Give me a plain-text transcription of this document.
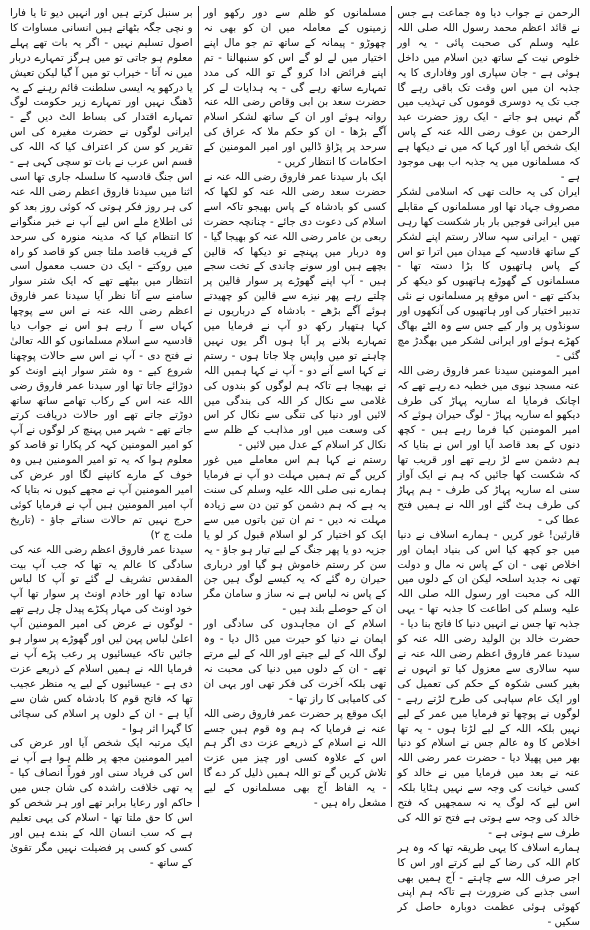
الرحمن نے جواب دیا وہ جماعت ہے جس نے قائد اعظم محمد رسول اللہ صلی اللہ علیہ وسلم کی صحبت پائی - یہ اور خلوص نیت کے ساتھ دین اسلام میں داخل ہوئی ہے - جان سپاری اور وفاداری کا یہ جذبہ ان میں اس وقت تک باقی رہے گا جب تک یہ دوسری قوموں کی تہذیب میں گم نہیں ہو جاتے - ایک روز حضرت عبد الرحمن بن عوف رضی اللہ عنہ کے پاس ایک شخص آیا اور کہا کہ میں نے دیکھا ہے کہ مسلمانوں میں یہ جذبہ اب بھی موجود ہے -

ایران کی یہ حالت تھی کہ اسلامی لشکر مصروف جہاد تھا اور مسلمانوں کے مقابلے میں ایرانی فوجیں بار بار شکست کھا رہی تھیں - ایرانی سپہ سالار رستم اپنے لشکر کے ساتھ قادسیہ کے میدان میں اترا تو اس کے پاس ہاتھیوں کا بڑا دستہ تھا - مسلمانوں کے گھوڑے ہاتھیوں کو دیکھ کر بدکتے تھے - اس موقع پر مسلمانوں نے نئی تدبیر اختیار کی اور ہاتھیوں کی آنکھوں اور سونڈوں پر وار کیے جس سے وہ الٹے بھاگ کھڑے ہوئے اور ایرانی لشکر میں بھگدڑ مچ گئی -

امیر المومنین سیدنا عمر فاروق رضی اللہ عنہ مسجد نبوی میں خطبہ دے رہے تھے کہ اچانک فرمایا اے ساریہ پہاڑ کی طرف دیکھو اے ساریہ پہاڑ - لوگ حیران ہوئے کہ امیر المومنین کیا فرما رہے ہیں - کچھ دنوں کے بعد قاصد آیا اور اس نے بتایا کہ ہم دشمن سے لڑ رہے تھے اور قریب تھا کہ شکست کھا جائیں کہ ہم نے ایک آواز سنی اے ساریہ پہاڑ کی طرف - ہم پہاڑ کی طرف ہٹ گئے اور اللہ نے ہمیں فتح عطا کی -

قارئین! غور کریں - ہمارے اسلاف نے دنیا میں جو کچھ کیا اس کی بنیاد ایمان اور اخلاص تھی - ان کے پاس نہ مال و دولت تھی نہ جدید اسلحہ لیکن ان کے دلوں میں اللہ کی محبت اور رسول اللہ صلی اللہ علیہ وسلم کی اطاعت کا جذبہ تھا - یہی جذبہ تھا جس نے انہیں دنیا کا فاتح بنا دیا -

حضرت خالد بن الولید رضی اللہ عنہ کو سیدنا عمر فاروق اعظم رضی اللہ عنہ نے سپہ سالاری سے معزول کیا تو انہوں نے بغیر کسی شکوہ کے حکم کی تعمیل کی اور ایک عام سپاہی کی طرح لڑتے رہے - لوگوں نے پوچھا تو فرمایا میں عمر کے لیے نہیں بلکہ اللہ کے لیے لڑتا ہوں - یہ تھا اخلاص کا وہ عالم جس نے اسلام کو دنیا بھر میں پھیلا دیا - حضرت عمر رضی اللہ عنہ نے بعد میں فرمایا میں نے خالد کو کسی خیانت کی وجہ سے نہیں ہٹایا بلکہ اس لیے کہ لوگ یہ نہ سمجھیں کہ فتح خالد کی وجہ سے ہوتی ہے فتح تو اللہ کی طرف سے ہوتی ہے -

ہمارے اسلاف کا یہی طریقہ تھا کہ وہ ہر کام اللہ کی رضا کے لیے کرتے اور اس کا اجر صرف اللہ سے چاہتے - آج ہمیں بھی اسی جذبے کی ضرورت ہے تاکہ ہم اپنی کھوئی ہوئی عظمت دوبارہ حاصل کر سکیں -

مسلمانوں کو ظلم سے دور رکھو اور زمینوں کے معاملہ میں ان کو بھی نہ چھوڑو - پیمانہ کے ساتھ تم جو مال اپنے اختیار میں لے لو گے اس کو سنبھالنا - تم اپنے فرائض ادا کرو گے تو اللہ کی مدد تمہارے ساتھ رہے گی - یہ ہدایات لے کر حضرت سعد بن ابی وقاص رضی اللہ عنہ روانہ ہوئے اور ان کے ساتھ لشکر اسلام آگے بڑھا - ان کو حکم ملا کہ عراق کی سرحد پر پڑاؤ ڈالیں اور امیر المومنین کے احکامات کا انتظار کریں -

ایک بار سیدنا عمر فاروق رضی اللہ عنہ نے حضرت سعد رضی اللہ عنہ کو لکھا کہ کسی کو بادشاہ کے پاس بھیجو تاکہ اسے اسلام کی دعوت دی جائے - چنانچہ حضرت ربعی بن عامر رضی اللہ عنہ کو بھیجا گیا - وہ دربار میں پہنچے تو دیکھا کہ قالین بچھے ہیں اور سونے چاندی کے تخت سجے ہیں - آپ اپنے گھوڑے پر سوار قالین پر چلتے رہے پھر نیزے سے قالین کو چھیدتے ہوئے آگے بڑھے - بادشاہ کے درباریوں نے کہا ہتھیار رکھ دو آپ نے فرمایا میں تمہارے بلانے پر آیا ہوں اگر یوں نہیں چاہتے تو میں واپس چلا جاتا ہوں - رستم نے کہا اسے آنے دو - آپ نے کہا ہمیں اللہ نے بھیجا ہے تاکہ ہم لوگوں کو بندوں کی غلامی سے نکال کر اللہ کی بندگی میں لائیں اور دنیا کی تنگی سے نکال کر اس کی وسعت میں اور مذاہب کے ظلم سے نکال کر اسلام کے عدل میں لائیں -

رستم نے کہا ہم اس معاملے میں غور کریں گے تم ہمیں مہلت دو آپ نے فرمایا ہمارے نبی صلی اللہ علیہ وسلم کی سنت یہ ہے کہ ہم دشمن کو تین دن سے زیادہ مہلت نہ دیں - تم ان تین باتوں میں سے ایک کو اختیار کر لو اسلام قبول کر لو یا جزیہ دو یا پھر جنگ کے لیے تیار ہو جاؤ - یہ سن کر رستم خاموش ہو گیا اور درباری حیران رہ گئے کہ یہ کیسے لوگ ہیں جن کے پاس نہ لباس ہے نہ ساز و سامان مگر ان کے حوصلے بلند ہیں -

اسلام کے ان مجاہدوں کی سادگی اور ایمان نے دنیا کو حیرت میں ڈال دیا - وہ لوگ اللہ کے لیے جیتے اور اللہ کے لیے مرتے تھے - ان کے دلوں میں دنیا کی محبت نہ تھی بلکہ آخرت کی فکر تھی اور یہی ان کی کامیابی کا راز تھا -

ایک موقع پر حضرت عمر فاروق رضی اللہ عنہ نے فرمایا کہ ہم وہ قوم ہیں جسے اللہ نے اسلام کے ذریعے عزت دی اگر ہم اس کے علاوہ کسی اور چیز میں عزت تلاش کریں گے تو اللہ ہمیں ذلیل کر دے گا - یہ الفاظ آج بھی مسلمانوں کے لیے مشعل راہ ہیں -

بر سنبل کرتے ہیں اور انہیں دیو تا یا فارا و نچی جگہ بٹھاتے ہیں انسانی مساوات کا اصول تسلیم نہیں - اگر یہ بات تھے پہلے معلوم ہو جاتی تو میں ہرگز تمہارے دربار میں نہ آتا - خیراب تو میں آ گیا لیکن تعیش یا درکھو یہ ایسی سلطنت قائم رہنے کے یہ ڈھنگ نہیں اور تمہارے زیر حکومت لوگ تمہارے اقتدار کی بساط الٹ دیں گے - ایرانی لوگوں نے حضرت مغیرہ کی اس تقریر کو سن کر اعتراف کیا کہ اللہ کی قسم اس عرب نے بات تو سچی کہی ہے - اس جنگ قادسیہ کا سلسلہ جاری تھا اسی اثنا میں سیدنا فاروق اعظم رضی اللہ عنہ کی ہر روز فکر ہوتی کہ کوئی روز بعد کو ئی اطلاع ملے اس لیے آپ نے خبر منگوانے کا انتظام کیا کہ مدینہ منورہ کی سرحد کے قریب قاصد ملتا جس کو قاصد کو راہ میں روکتے - ایک دن حسب معمول اسی انتظار میں بیٹھے تھے کہ ایک شتر سوار سامنے سے آتا نظر آیا سیدنا عمر فاروق اعظم رضی اللہ عنہ نے اس سے پوچھا کہاں سے آ رہے ہو اس نے جواب دیا قادسیہ سے اسلام مسلمانوں کو اللہ تعالیٰ نے فتح دی - آپ نے اس سے حالات پوچھنا شروع کیے - وہ شتر سوار اپنے اونٹ کو دوڑائے جاتا تھا اور سیدنا عمر فاروق رضی اللہ عنہ اس کے رکاب تھامے ساتھ ساتھ دوڑتے جاتے تھے اور حالات دریافت کرتے جاتے تھے - شہر میں پہنچ کر لوگوں نے آپ کو امیر المومنین کہہ کر پکارا تو قاصد کو معلوم ہوا کہ یہ تو امیر المومنین ہیں وہ خوف کے مارے کانپنے لگا اور عرض کی امیر المومنین آپ نے مجھے کیوں نہ بتایا کہ آپ امیر المومنین ہیں آپ نے فرمایا کوئی حرج نہیں تم حالات سناتے جاؤ - (تاریخ ملت ج ۲)

سیدنا عمر فاروق اعظم رضی اللہ عنہ کی سادگی کا عالم یہ تھا کہ جب آپ بیت المقدس تشریف لے گئے تو آپ کا لباس سادہ تھا اور خادم اونٹ پر سوار تھا آپ خود اونٹ کی مہار پکڑے پیدل چل رہے تھے - لوگوں نے عرض کی امیر المومنین آپ اعلیٰ لباس پہن لیں اور گھوڑے پر سوار ہو جائیں تاکہ عیسائیوں پر رعب پڑے آپ نے فرمایا اللہ نے ہمیں اسلام کے ذریعے عزت دی ہے - عیسائیوں کے لیے یہ منظر عجیب تھا کہ فاتح قوم کا بادشاہ کس شان سے آیا ہے - ان کے دلوں پر اسلام کی سچائی کا گہرا اثر ہوا -

ایک مرتبہ ایک شخص آیا اور عرض کی امیر المومنین مجھ پر ظلم ہوا ہے آپ نے اس کی فریاد سنی اور فوراً انصاف کیا - یہ تھی خلافت راشدہ کی شان جس میں حاکم اور رعایا برابر تھے اور ہر شخص کو اس کا حق ملتا تھا - اسلام کی یہی تعلیم ہے کہ سب انسان اللہ کے بندے ہیں اور کسی کو کسی پر فضیلت نہیں مگر تقویٰ کے ساتھ -
